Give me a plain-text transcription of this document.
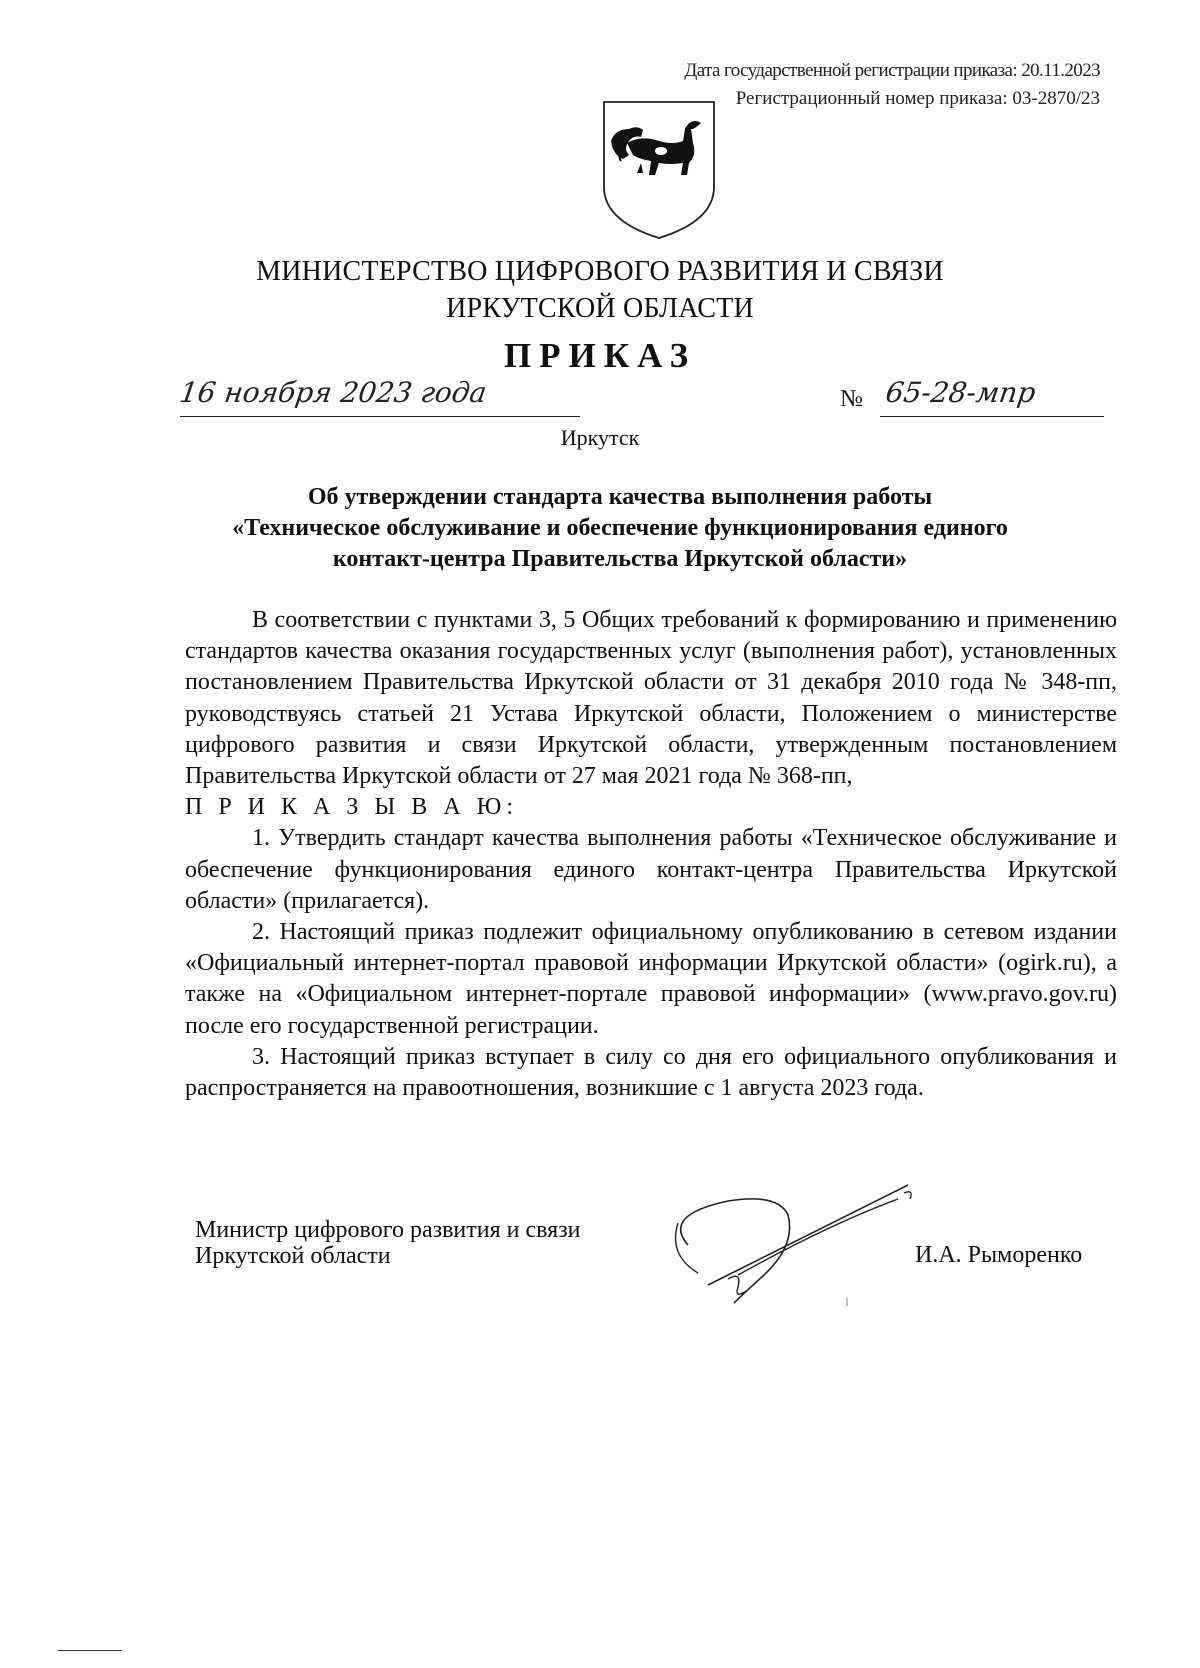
Дата государственной регистрации приказа: 20.11.2023
Регистрационный номер приказа: 03-2870/23
МИНИСТЕРСТВО ЦИФРОВОГО РАЗВИТИЯ И СВЯЗИ
ИРКУТСКОЙ ОБЛАСТИ
ПРИКАЗ
16 ноября 2023 года	№ 65-28-мпр
Иркутск
Об утверждении стандарта качества выполнения работы
«Техническое обслуживание и обеспечение функционирования единого
контакт-центра Правительства Иркутской области»

В соответствии с пунктами 3, 5 Общих требований к формированию и применению стандартов качества оказания государственных услуг (выполнения работ), установленных постановлением Правительства Иркутской области от 31 декабря 2010 года № 348-пп, руководствуясь статьей 21 Устава Иркутской области, Положением о министерстве цифрового развития и связи Иркутской области, утвержденным постановлением Правительства Иркутской области от 27 мая 2021 года № 368-пп,

П Р И К А З Ы В А Ю:

1. Утвердить стандарт качества выполнения работы «Техническое обслуживание и обеспечение функционирования единого контакт-центра Правительства Иркутской области» (прилагается).

2. Настоящий приказ подлежит официальному опубликованию в сетевом издании «Официальный интернет-портал правовой информации Иркутской области» (ogirk.ru), а также на «Официальном интернет-портале правовой информации» (www.pravo.gov.ru) после его государственной регистрации.

3. Настоящий приказ вступает в силу со дня его официального опубликования и распространяется на правоотношения, возникшие с 1 августа 2023 года.

Министр цифрового развития и связи
Иркутской области	И.А. Рыморенко
